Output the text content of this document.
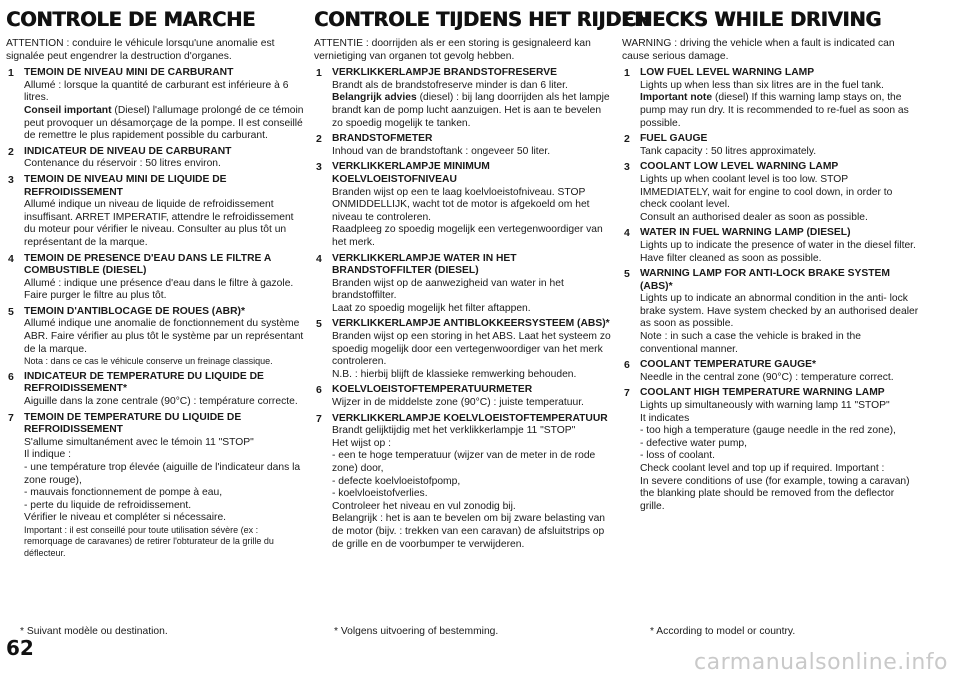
CONTROLE DE MARCHE
ATTENTION : conduire le véhicule lorsqu'une anomalie est signalée peut engendrer la destruction d'organes.
1 TEMOIN DE NIVEAU MINI DE CARBURANT
Allumé : lorsque la quantité de carburant est inférieure à 6 litres.
Conseil important (Diesel) l'allumage prolongé de ce témoin peut provoquer un désamorçage de la pompe. Il est conseillé de remettre le plus rapidement possible du carburant.
2 INDICATEUR DE NIVEAU DE CARBURANT
Contenance du réservoir : 50 litres environ.
3 TEMOIN DE NIVEAU MINI DE LIQUIDE DE REFROIDISSEMENT
Allumé indique un niveau de liquide de refroidissement insuffisant. ARRET IMPERATIF, attendre le refroidissement du moteur pour vérifier le niveau. Consulter au plus tôt un représentant de la marque.
4 TEMOIN DE PRESENCE D'EAU DANS LE FILTRE A COMBUSTIBLE (DIESEL)
Allumé : indique une présence d'eau dans le filtre à gazole. Faire purger le filtre au plus tôt.
5 TEMOIN D'ANTIBLOCAGE DE ROUES (ABR)*
Allumé indique une anomalie de fonctionnement du système ABR. Faire vérifier au plus tôt le système par un représentant de la marque.
Nota : dans ce cas le véhicule conserve un freinage classique.
6 INDICATEUR DE TEMPERATURE DU LIQUIDE DE REFROIDISSEMENT*
Aiguille dans la zone centrale (90°C) : température correcte.
7 TEMOIN DE TEMPERATURE DU LIQUIDE DE REFROIDISSEMENT
S'allume simultanément avec le témoin 11 "STOP"
Il indique :
- une température trop élevée (aiguille de l'indicateur dans la zone rouge),
- mauvais fonctionnement de pompe à eau,
- perte du liquide de refroidissement.
Vérifier le niveau et compléter si nécessaire.
Important : il est conseillé pour toute utilisation sévère (ex : remorquage de caravanes) de retirer l'obturateur de la grille du déflecteur.
CONTROLE TIJDENS HET RIJDEN
ATTENTIE : doorrijden als er een storing is gesignaleerd kan vernietiging van organen tot gevolg hebben.
1 VERKLIKKERLAMPJE BRANDSTOFRESERVE
Brandt als de brandstofreserve minder is dan 6 liter.
Belangrijk advies (diesel) : bij lang doorrijden als het lampje brandt kan de pomp lucht aanzuigen. Het is aan te bevelen zo spoedig mogelijk te tanken.
2 BRANDSTOFMETER
Inhoud van de brandstoftank : ongeveer 50 liter.
3 VERKLIKKERLAMPJE MINIMUM KOELVLOEISTOFNIVEAU
Branden wijst op een te laag koelvloeistofniveau. STOP ONMIDDELLIJK, wacht tot de motor is afgekoeld om het niveau te controleren.
Raadpleeg zo spoedig mogelijk een vertegenwoordiger van het merk.
4 VERKLIKKERLAMPJE WATER IN HET BRANDSTOFFILTER (DIESEL)
Branden wijst op de aanwezigheid van water in het brandstoffilter.
Laat zo spoedig mogelijk het filter aftappen.
5 VERKLIKKERLAMPJE ANTIBLOKKEERSYSTEEM (ABS)*
Branden wijst op een storing in het ABS. Laat het systeem zo spoedig mogelijk door een vertegenwoordiger van het merk controleren.
N.B. : hierbij blijft de klassieke remwerking behouden.
6 KOELVLOEISTOFTEMPERATUURMETER
Wijzer in de middelste zone (90°C) : juiste temperatuur.
7 VERKLIKKERLAMPJE KOELVLOEISTOFTEMPERATUUR
Brandt gelijktijdig met het verklikkerlampje 11 "STOP"
Het wijst op :
- een te hoge temperatuur (wijzer van de meter in de rode zone) door,
- defecte koelvloeistofpomp,
- koelvloeistofverlies.
Controleer het niveau en vul zonodig bij.
Belangrijk : het is aan te bevelen om bij zware belasting van de motor (bijv. : trekken van een caravan) de afsluitstrips op de grille en de voorbumper te verwijderen.
CHECKS WHILE DRIVING
WARNING : driving the vehicle when a fault is indicated can cause serious damage.
1 LOW FUEL LEVEL WARNING LAMP
Lights up when less than six litres are in the fuel tank.
Important note (diesel) If this warning lamp stays on, the pump may run dry. It is recommended to re-fuel as soon as possible.
2 FUEL GAUGE
Tank capacity : 50 litres approximately.
3 COOLANT LOW LEVEL WARNING LAMP
Lights up when coolant level is too low. STOP IMMEDIATELY, wait for engine to cool down, in order to check coolant level.
Consult an authorised dealer as soon as possible.
4 WATER IN FUEL WARNING LAMP (DIESEL)
Lights up to indicate the presence of water in the diesel filter. Have filter cleaned as soon as possible.
5 WARNING LAMP FOR ANTI-LOCK BRAKE SYSTEM (ABS)*
Lights up to indicate an abnormal condition in the anti- lock brake system. Have system checked by an authorised dealer as soon as possible.
Note : in such a case the vehicle is braked in the conventional manner.
6 COOLANT TEMPERATURE GAUGE*
Needle in the central zone (90°C) : temperature correct.
7 COOLANT HIGH TEMPERATURE WARNING LAMP
Lights up simultaneously with warning lamp 11 "STOP"
It indicates
- too high a temperature (gauge needle in the red zone),
- defective water pump,
- loss of coolant.
Check coolant level and top up if required. Important :
In severe conditions of use (for example, towing a caravan) the blanking plate should be removed from the deflector grille.
* Suivant modèle ou destination.	* Volgens uitvoering of bestemming.	* According to model or country.
62
carmanualsonline.info
